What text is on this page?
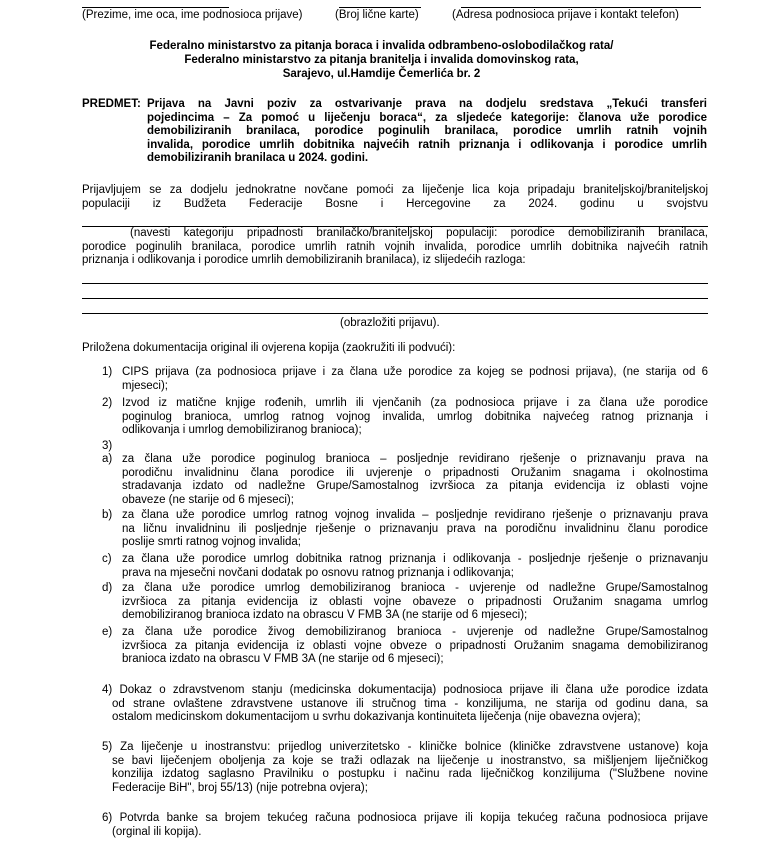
(Prezime, ime oca, ime podnosioca prijave)	(Broj lične karte)	(Adresa podnosioca prijave i kontakt telefon)
Federalno ministarstvo za pitanja boraca i invalida odbrambeno-oslobodilačkog rata/
Federalno ministarstvo za pitanja branitelja i invalida domovinskog rata,
Sarajevo, ul.Hamdije Čemerlića br. 2
PREDMET: Prijava na Javni poziv za ostvarivanje prava na dodjelu sredstava „Tekući transferi
pojedincima – Za pomoć u liječenju boraca“, za sljedeće kategorije: članova uže porodice
demobiliziranih branilaca, porodice poginulih branilaca, porodice umrlih ratnih vojnih
invalida, porodice umrlih dobitnika najvećih ratnih priznanja i odlikovanja i porodice umrlih
demobiliziranih branilaca u 2024. godini.
Prijavljujem se za dodjelu jednokratne novčane pomoći za liječenje lica koja pripadaju braniteljskoj/braniteljskoj
populaciji iz Budžeta Federacije Bosne i Hercegovine za 2024. godinu u svojstvu
(navesti kategoriju pripadnosti branilačko/braniteljskoj populaciji: porodice demobiliziranih branilaca,
porodice poginulih branilaca, porodice umrlih ratnih vojnih invalida, porodice umrlih dobitnika najvećih ratnih
priznanja i odlikovanja i porodice umrlih demobiliziranih branilaca), iz slijedećih razloga:
(obrazložiti prijavu).
Priložena dokumentacija original ili ovjerena kopija (zaokružiti ili podvući):
1) CIPS prijava (za podnosioca prijave i za člana uže porodice za kojeg se podnosi prijava), (ne starija od 6
mjeseci);
2) Izvod iz matične knjige rođenih, umrlih ili vjenčanih (za podnosioca prijave i za člana uže porodice
poginulog branioca, umrlog ratnog vojnog invalida, umrlog dobitnika najvećeg ratnog priznanja i
odlikovanja i umrlog demobiliziranog branioca);
3)
a) za člana uže porodice poginulog branioca – posljednje revidirano rješenje o priznavanju prava na
porodičnu invalidninu člana porodice ili uvjerenje o pripadnosti Oružanim snagama i okolnostima
stradavanja izdato od nadležne Grupe/Samostalnog izvršioca za pitanja evidencija iz oblasti vojne
obaveze (ne starije od 6 mjeseci);
b) za člana uže porodice umrlog ratnog vojnog invalida – posljednje revidirano rješenje o priznavanju prava
na ličnu invalidninu ili posljednje rješenje o priznavanju prava na porodičnu invalidninu članu porodice
poslije smrti ratnog vojnog invalida;
c) za člana uže porodice umrlog dobitnika ratnog priznanja i odlikovanja - posljednje rješenje o priznavanju
prava na mjesečni novčani dodatak po osnovu ratnog priznanja i odlikovanja;
d) za člana uže porodice umrlog demobiliziranog branioca - uvjerenje od nadležne Grupe/Samostalnog
izvršioca za pitanja evidencija iz oblasti vojne obaveze o pripadnosti Oružanim snagama umrlog
demobiliziranog branioca izdato na obrascu V FMB 3A (ne starije od 6 mjeseci);
e) za člana uže porodice živog demobiliziranog branioca - uvjerenje od nadležne Grupe/Samostalnog
izvršioca za pitanja evidencija iz oblasti vojne obveze o pripadnosti Oružanim snagama demobiliziranog
branioca izdato na obrascu V FMB 3A (ne starije od 6 mjeseci);
4) Dokaz o zdravstvenom stanju (medicinska dokumentacija) podnosioca prijave ili člana uže porodice izdata
od strane ovlaštene zdravstvene ustanove ili stručnog tima - konzilijuma, ne starija od godinu dana, sa
ostalom medicinskom dokumentacijom u svrhu dokazivanja kontinuiteta liječenja (nije obavezna ovjera);
5) Za liječenje u inostranstvu: prijedlog univerzitetsko - kliničke bolnice (kliničke zdravstvene ustanove) koja
se bavi liječenjem oboljenja za koje se traži odlazak na liječenje u inostranstvo, sa mišljenjem liječničkog
konzilija izdatog saglasno Pravilniku o postupku i načinu rada liječničkog konzilijuma ("Službene novine
Federacije BiH", broj 55/13) (nije potrebna ovjera);
6) Potvrda banke sa brojem tekućeg računa podnosioca prijave ili kopija tekućeg računa podnosioca prijave
(orginal ili kopija).
